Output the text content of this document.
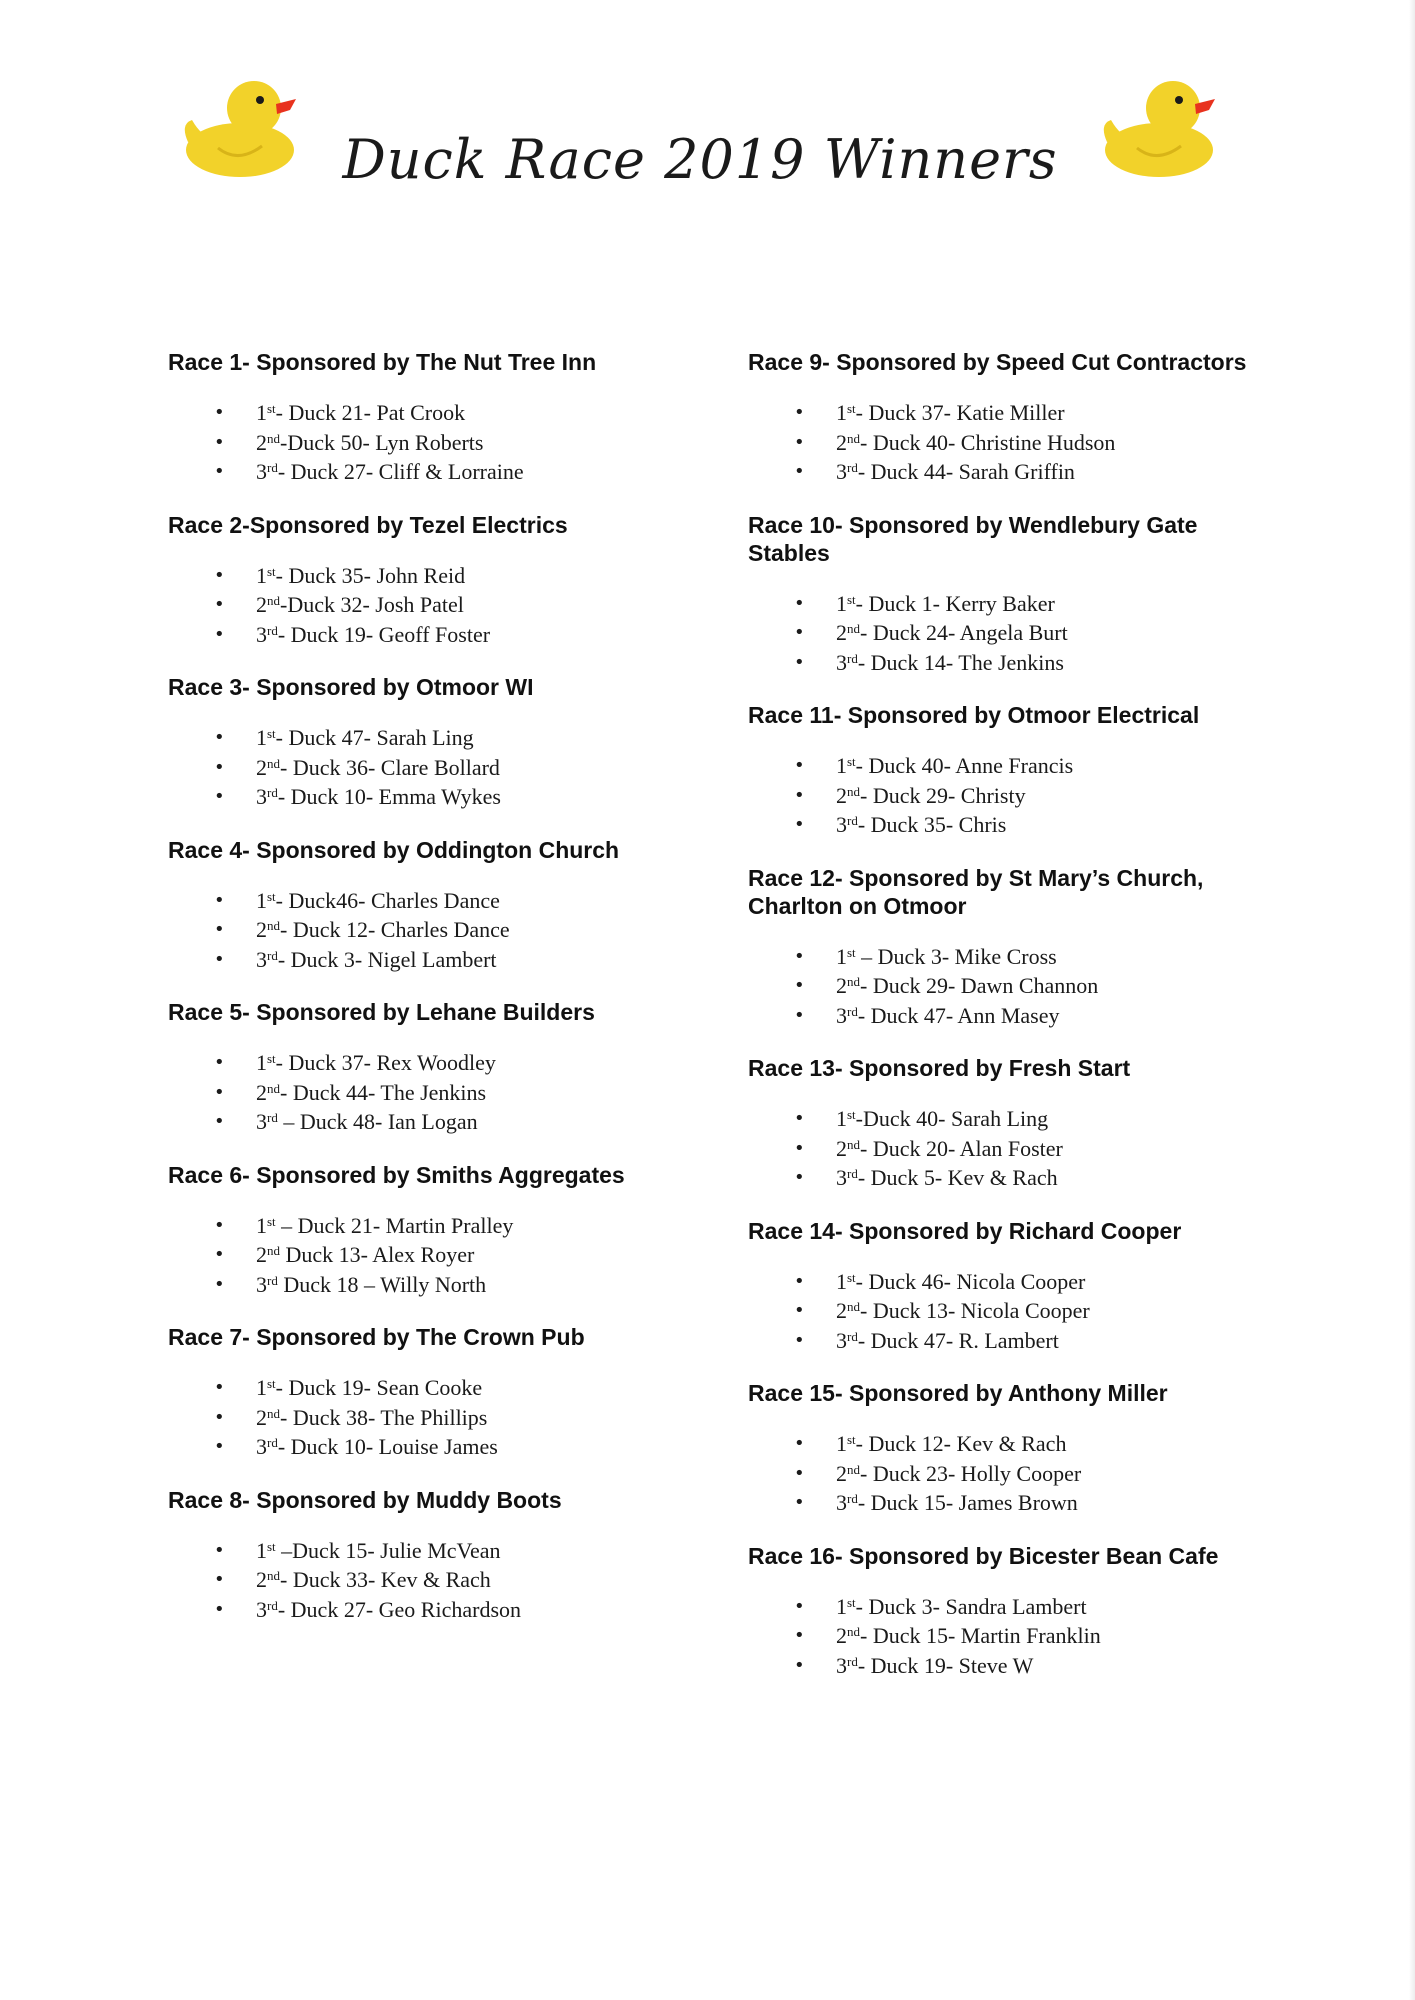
Duck Race 2019 Winners
Race 1- Sponsored by The Nut Tree Inn
• 1st- Duck 21- Pat Crook
• 2nd-Duck 50- Lyn Roberts
• 3rd- Duck 27- Cliff & Lorraine
Race 2-Sponsored by Tezel Electrics
• 1st- Duck 35- John Reid
• 2nd-Duck 32- Josh Patel
• 3rd- Duck 19- Geoff Foster
Race 3- Sponsored by Otmoor WI
• 1st- Duck 47- Sarah Ling
• 2nd- Duck 36- Clare Bollard
• 3rd- Duck 10- Emma Wykes
Race 4- Sponsored by Oddington Church
• 1st- Duck46- Charles Dance
• 2nd- Duck 12- Charles Dance
• 3rd- Duck 3- Nigel Lambert
Race 5- Sponsored by Lehane Builders
• 1st- Duck 37- Rex Woodley
• 2nd- Duck 44- The Jenkins
• 3rd – Duck 48- Ian Logan
Race 6- Sponsored by Smiths Aggregates
• 1st – Duck 21- Martin Pralley
• 2nd Duck 13- Alex Royer
• 3rd Duck 18 – Willy North
Race 7- Sponsored by The Crown Pub
• 1st- Duck 19- Sean Cooke
• 2nd- Duck 38- The Phillips
• 3rd- Duck 10- Louise James
Race 8- Sponsored by Muddy Boots
• 1st –Duck 15- Julie McVean
• 2nd- Duck 33- Kev & Rach
• 3rd- Duck 27- Geo Richardson
Race 9- Sponsored by Speed Cut Contractors
• 1st- Duck 37- Katie Miller
• 2nd- Duck 40- Christine Hudson
• 3rd- Duck 44- Sarah Griffin
Race 10- Sponsored by Wendlebury Gate Stables
• 1st- Duck 1- Kerry Baker
• 2nd- Duck 24- Angela Burt
• 3rd- Duck 14- The Jenkins
Race 11- Sponsored by Otmoor Electrical
• 1st- Duck 40- Anne Francis
• 2nd- Duck 29- Christy
• 3rd- Duck 35- Chris
Race 12- Sponsored by St Mary’s Church, Charlton on Otmoor
• 1st – Duck 3- Mike Cross
• 2nd- Duck 29- Dawn Channon
• 3rd- Duck 47- Ann Masey
Race 13- Sponsored by Fresh Start
• 1st-Duck 40- Sarah Ling
• 2nd- Duck 20- Alan Foster
• 3rd- Duck 5- Kev & Rach
Race 14- Sponsored by Richard Cooper
• 1st- Duck 46- Nicola Cooper
• 2nd- Duck 13- Nicola Cooper
• 3rd- Duck 47- R. Lambert
Race 15- Sponsored by Anthony Miller
• 1st- Duck 12- Kev & Rach
• 2nd- Duck 23- Holly Cooper
• 3rd- Duck 15- James Brown
Race 16- Sponsored by Bicester Bean Cafe
• 1st- Duck 3- Sandra Lambert
• 2nd- Duck 15- Martin Franklin
• 3rd- Duck 19- Steve W
